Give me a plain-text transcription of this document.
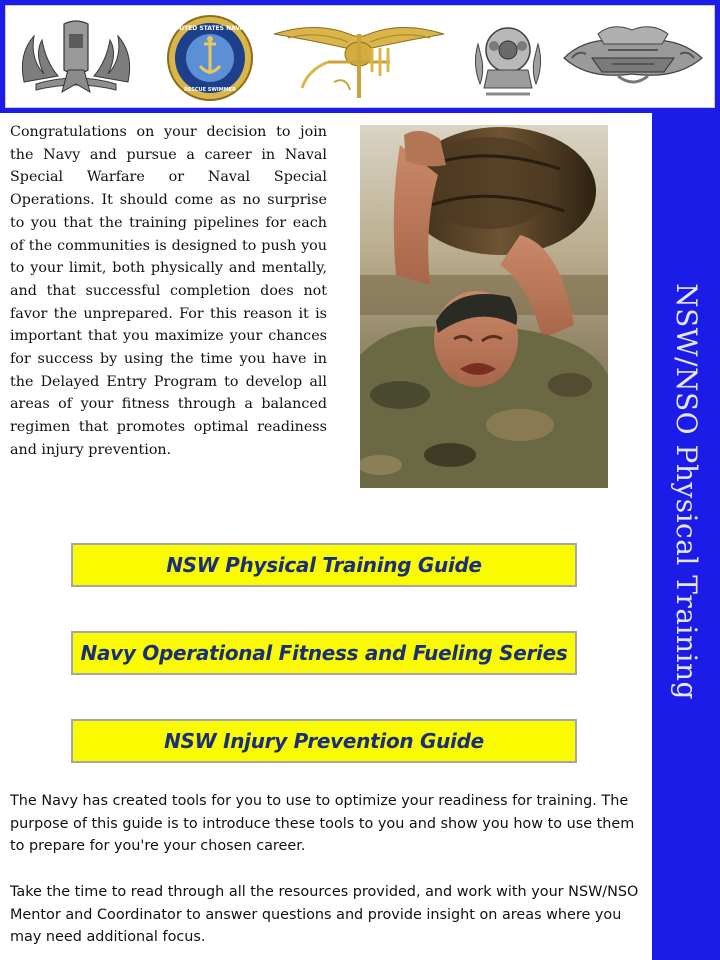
UNITED STATES NAVAL
RESCUE SWIMMER
NSW/NSO Physical Training

Congratulations on your decision to join the Navy and pursue a career in Naval Special Warfare or Naval Special Operations. It should come as no surprise to you that the training pipelines for each of the communities is designed to push you to your limit, both physically and mentally, and that successful completion does not favor the unprepared. For this reason it is important that you maximize your chances for success by using the time you have in the Delayed Entry Program to develop all areas of your fitness through a balanced regimen that promotes optimal readiness and injury prevention.

NSW Physical Training Guide
Navy Operational Fitness and Fueling Series
NSW Injury Prevention Guide

The Navy has created tools for you to use to optimize your readiness for training. The purpose of this guide is to introduce these tools to you and show you how to use them to prepare for you're your chosen career.

Take the time to read through all the resources provided, and work with your NSW/NSO Mentor and Coordinator to answer questions and provide insight on areas where you may need additional focus.
